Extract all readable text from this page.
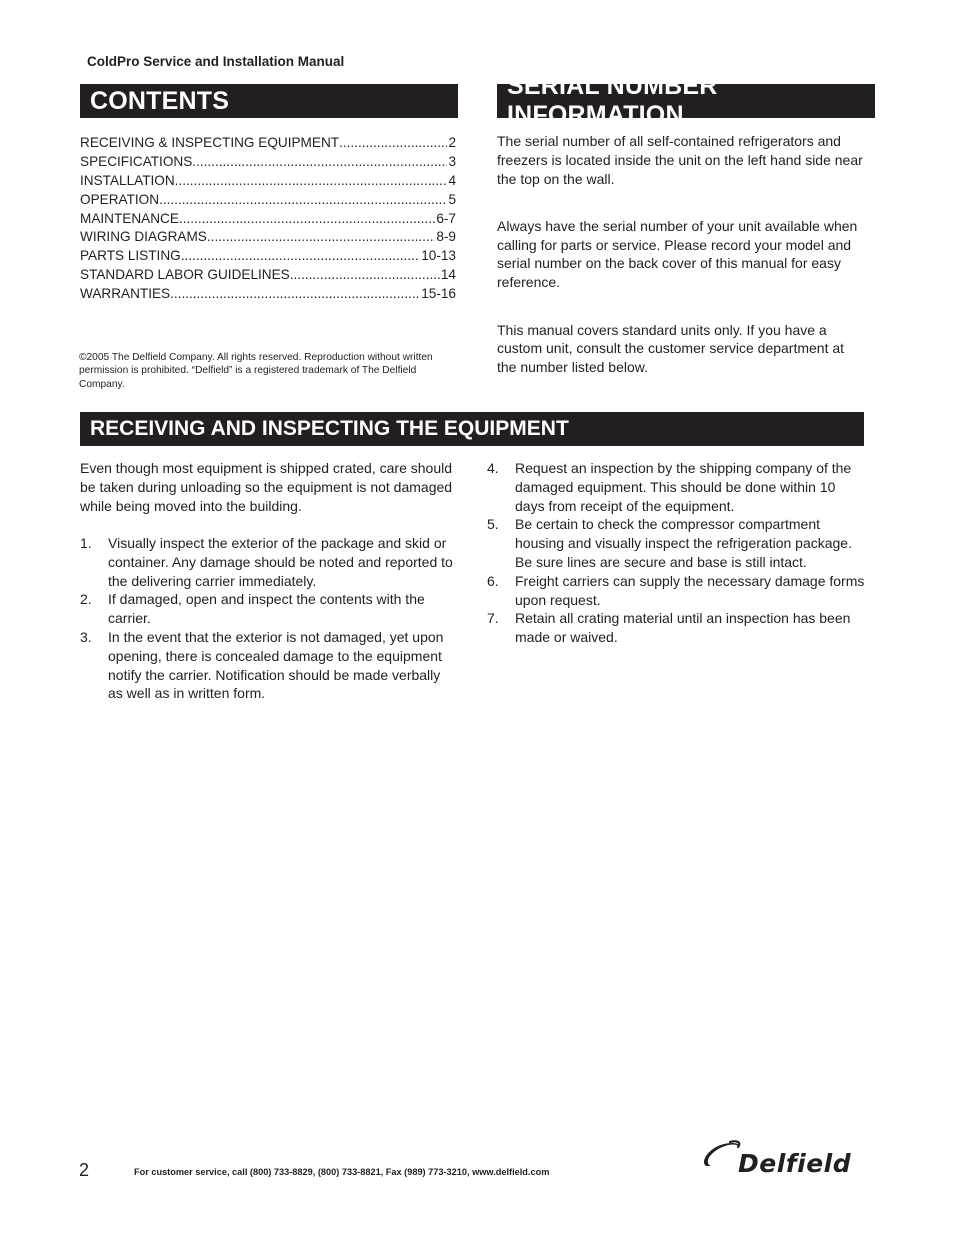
ColdPro Service and Installation Manual
CONTENTS
SERIAL NUMBER INFORMATION
RECEIVING & INSPECTING EQUIPMENT .....	2
SPECIFICATIONS .....	3
INSTALLATION .....	4
OPERATION .....	5
MAINTENANCE .....	6-7
WIRING DIAGRAMS .....	8-9
PARTS LISTING .....	10-13
STANDARD LABOR GUIDELINES .....	14
WARRANTIES .....	15-16
©2005 The Delfield Company. All rights reserved. Reproduction without written permission is prohibited. “Delfield” is a registered trademark of The Delfield Company.

The serial number of all self-contained refrigerators and freezers is located inside the unit on the left hand side near the top on the wall.

Always have the serial number of your unit available when calling for parts or service. Please record your model and serial number on the back cover of this manual for easy reference.

This manual covers standard units only. If you have a custom unit, consult the customer service department at the number listed below.

RECEIVING AND INSPECTING THE EQUIPMENT
Even though most equipment is shipped crated, care should be taken during unloading so the equipment is not damaged while being moved into the building.
1.	Visually inspect the exterior of the package and skid or container. Any damage should be noted and reported to the delivering carrier immediately.
2.	If damaged, open and inspect the contents with the carrier.
3.	In the event that the exterior is not damaged, yet upon opening, there is concealed damage to the equipment notify the carrier. Notification should be made verbally as well as in written form.
4.	Request an inspection by the shipping company of the damaged equipment. This should be done within 10 days from receipt of the equipment.
5.	Be certain to check the compressor compartment housing and visually inspect the refrigeration package. Be sure lines are secure and base is still intact.
6.	Freight carriers can supply the necessary damage forms upon request.
7.	Retain all crating material until an inspection has been made or waived.
2	For customer service, call (800) 733-8829, (800) 733-8821, Fax (989) 773-3210, www.delfield.com	Delfield
